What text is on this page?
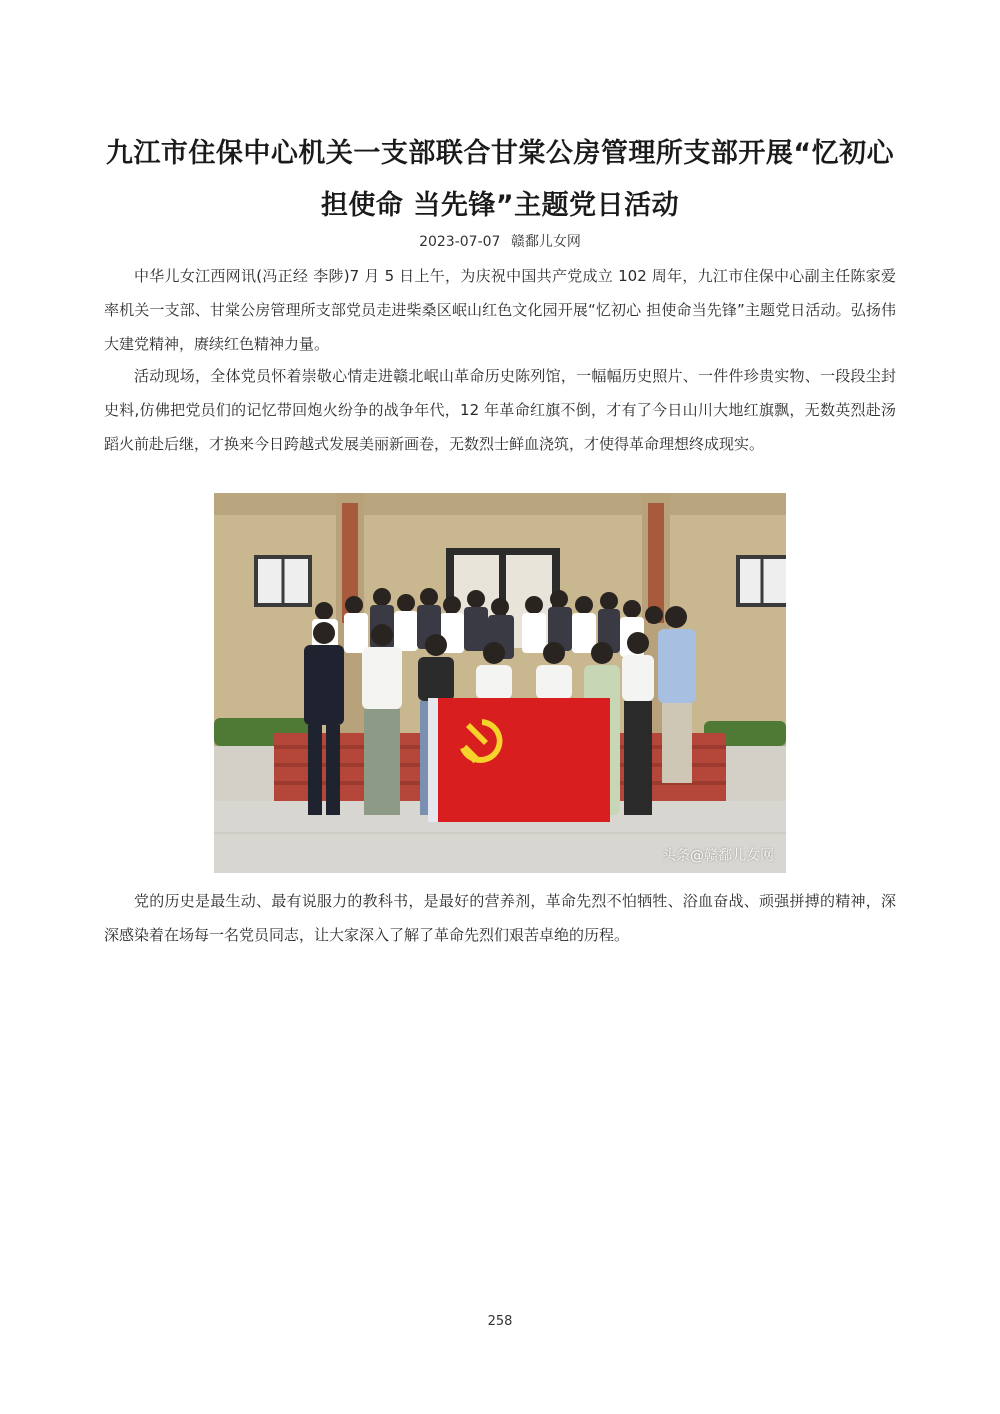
九江市住保中心机关一支部联合甘棠公房管理所支部开展“忆初心
担使命 当先锋”主题党日活动
2023-07-07 赣鄱儿女网

中华儿女江西网讯(冯正经 李陟)7 月 5 日上午，为庆祝中国共产党成立 102 周年，九江市住保中心副主任陈家爱率机关一支部、甘棠公房管理所支部党员走进柴桑区岷山红色文化园开展“忆初心 担使命当先锋”主题党日活动。弘扬伟大建党精神，赓续红色精神力量。

活动现场，全体党员怀着崇敬心情走进赣北岷山革命历史陈列馆，一幅幅历史照片、一件件珍贵实物、一段段尘封史料,仿佛把党员们的记忆带回炮火纷争的战争年代，12 年革命红旗不倒，才有了今日山川大地红旗飘，无数英烈赴汤蹈火前赴后继，才换来今日跨越式发展美丽新画卷，无数烈士鲜血浇筑，才使得革命理想终成现实。

头条@赣鄱儿女网

党的历史是最生动、最有说服力的教科书，是最好的营养剂，革命先烈不怕牺牲、浴血奋战、顽强拼搏的精神，深深感染着在场每一名党员同志，让大家深入了解了革命先烈们艰苦卓绝的历程。

258
